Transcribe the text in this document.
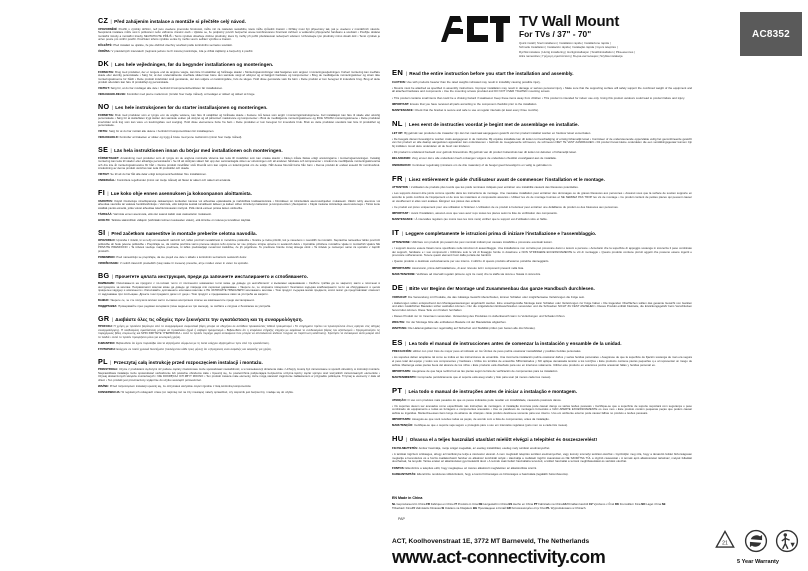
TV Wall Mount
For TVs / 37" - 70"
Quick install | Snel installeren | Installation rapide | Installazione rapida |
Schnelle Installation | Instalación rápida | Instalação rápida | Gyors telepítés |
Rychlá instalace | Hurtig installering | Hurtiginstallasjon | Snabbinstallation | Pika-asennus |
Hitra namestitev | Γρήγορη εγκατάσταση | Бърза инсталация | Szybka instalacja
AC8352
CZ | Před zahájením instalace a montáže si přečtěte celý návod.
UPOZORNĚNÍ: Použití s výrobky těžšími, než jsou uvedené jmenovité hmotnosti, může mít za následek nestabilitu, která může způsobit zranění • Držáky musí být připevněny tak, jak je uvedeno v montážních návodu. Nesprávná instalace může vést k poškození nebo vážnému zranění osob • Ujistěte se, že podpěrný povrch bezpečně unese kombinovanou hmotnost zařízení a veškerého připojeného hardwaru a součástí • Použijte dodané montážní šrouby a montážní šrouby NEUTAHUJTE PŘÍLIŠ • Tento výrobek obsahuje drobné předměty, které by mohly při požití představovat nebezpečí udušení. Uchovávejte tyto předměty mimo dosah dětí • Tento výrobek je určen pouze pro vnitřní použití. Používání tohoto výrobku venku by mohlo vést k selhání výrobku a zranění.
DŮLEŽITÉ: Před instalací se ujistěte, že jste obdrželi všechny součásti podle kontrolního seznamu součástí.
ÚDRŽBA: V pravidelných intervalech (nejméně jednou za tři měsíce) kontrolujte, zda je držák zajištěný a bezpečný k použití.
DK | Læs hele vejledningen, før du begynder installationen og monteringen.
FORSIGTIG: Brug med produkter, der er tungere end de angivne vægte, kan føre til ustabilitet og forårsage skader • Monteringsanordninger skal fastgøres som angivet i monteringsvejledningen. Forkert montering kan medføre skade eller alvorlig personskade • Sørg for, at den understøttende overflade sikkert kan bære den samlede vægt af udstyret og al fastgjort hardware og komponenter • Brug de medfølgende monteringsskruer og stram ikke monteringsskruerne for hårdt • Dette produkt indeholder små genstande, der kan udgøre en kvælningsfare, hvis de sluges. Hold disse genstande væk fra børn • Dette produkt er kun beregnet til indendørs brug. Brug af dette produkt udendørs kan føre til produktfejl og personskade.
VIGTIGT: Sørg for, at du har modtaget alle dele i henhold til komponentchecklisten før installationen.
VEDLIGEHOLDELSE: Kontrollér med jævne mellemrum (mindst hver tredje måned), at beslaget er sikkert og sikkert at bruge.
NO | Les hele instruksjonen før du starter installasjonen og monteringen.
FORSIKTIG: Bruk med produkter som er tyngre enn de angitte vektene, kan føre til ustabilitet og forårsake skade • Festene må festes som angitt i monteringsinstruksjonene. Feil installasjon kan føre til skade eller alvorlig personskade • Sørg for at støtteflaten trygt støtter den samlede vekten på utstyret og all påmontert maskinvare og komponenter • Bruk de medfølgende monteringsskruene og IKKE STRAM monteringsskruene • Dette produktet inneholder små ting som kan være en kvelningsfare ved svelging. Hold disse elementene borte fra barn • Dette produktet er kun beregnet for innendørs bruk. Bruk av dette produktet utendørs kan føre til produktfeil og personskade.
VIKTIG: Sørg for at du har mottatt alle delene i henhold til komponentlisten før installasjonen.
VEDLIKEHOLD: Kontroller at braketten er sikker og trygg å bruke med jevne mellomrom (minst hver tredje måned).
SE | Läs hela instruktionen innan du börjar med installationen och monteringen.
FÖRSIKTIGHET: Användning med produkter som är tyngre än de angivna nominella vikterna kan leda till instabilitet som kan orsaka skador • Fästen måste fästas enligt anvisningarna i monteringsanvisningen. Felaktig montering kan leda till skador eller allvarliga personskador • Se till att stödytan säkert bär upp den sammanlagda vikten av utrustningen och all ansluten hårdvara och komponenter • Använd de medföljande monteringsskruvarna och dra inte åt monteringsskruvarna för hårt • Denna produkt innehåller små föremål som kan utgöra en kvävningsrisk om de sväljs. Håll dessa föremål borta från barn • Denna produkt är endast avsedd för inomhusbruk. Användning av denna produkt utomhus kan leda till produktfel och skada.
VIKTIGT: Se till att du har fått alla delar enligt komponentchecklistan före installationen.
UNDERHÅLL: Kontrollera regelbundet (minst var tredje månad) att fästet är säkert och säkert att använda.
FI | Lue koko ohje ennen asennuksen ja kokoonpanon aloittamista.
VAROITUS: Käyttö ilmoitettuja nimellispainoja raskaampien tuotteiden kanssa voi aiheuttaa epävakautta ja mahdollisia loukkaantumisia • Kiinnikkeet on kiinnitettävä asennusohjeiden mukaisesti. Väärin tehty asennus voi aiheuttaa vaurioita tai vakavia henkilövahinkoja • Varmista, että tukipinta kestää turvallisesti laitteen ja kaiken siihen kiinnitetyn laitteiston ja komponenttien yhteispainon • Käytä mukana toimitettuja asennusruuveja • Tämä tuote sisältää pieniä esineitä, jotka voivat aiheuttaa tukehtumisvaaran nieltynä. Pidä nämä esineet poissa lasten ulottuvilta.
TÄRKEÄÄ: Varmista ennen asennusta, että olet saanut kaikki osat osaluettelon mukaisesti.
HUOLTO: Tarkista säännöllisin väliajoin (vähintään kolmen kuukauden välein), että kiinnike on tukeva ja turvallinen käyttää.
SI | Pred začetkom namestitve in montaže preberite celotna navodila.
OPOZORILO: Uporaba z izdelki, ki so težji od navedenih nazivnih tež, lahko povzroči nestabilnost in morebitne poškodbe • Nosilce je treba pritrditi, kot je navedeno v navodilih za montažo. Nepravilna namestitev lahko povzroči poškodbe ali hude telesne poškodbe • Prepričajte se, da nosilna površina varno prenese skupno težo opreme ter vse pritrjene strojne opreme in sestavnih delov • Uporabite priložene montažne vijake in montažnih vijakov NE PRIVIJTE PREMOČNO • Ta izdelek vsebuje majhne predmete, ki lahko predstavljajo nevarnost zadušitve, če jih pogoltnete. Te predmete hranite zunaj dosega otrok • Ta izdelek je namenjen samo za uporabo v zaprtih prostorih.
POMEMBNO: Pred namestitvijo se prepričajte, da ste prejeli vse dele v skladu s kontrolnim seznamom sestavnih delov.
VZDRŽEVANJE: V rednih časovnih presledkih (vsaj vsake tri mesece) preverite, ali je nosilec varen in varen za uporabo.
BG | Прочетете цялата инструкция, преди да започнете инсталирането и сглобяването.
ВНИМАНИЕ: Използването на продукти с по-голямо тегло от посоченото номинално тегло може да доведе до нестабилност и възможни наранявания • Скобите трябва да се закрепят, както е посочено в инструкциите за монтаж. Неправилният монтаж може да доведе до повреда или сериозно нараняване • Уверете се, че опорната повърхност безопасно издържа комбинираното тегло на оборудването и целия прикрепен хардуер и компоненти • Използвайте доставените монтажни винтове и НЕ ЗАТЯГАЙТЕ ПРЕКАЛЕНО монтажните винтове • Този продукт съдържа малки предмети, които могат да представляват опасност от задушаване при поглъщане. Дръжте тези предмети далеч от деца • Този продукт е предназначен само за употреба на закрито.
ВАЖНО: Уверете се, че сте получили всички части съгласно контролния списък на компонентите преди инсталирането.
ПОДДРЪЖКА: Проверявайте през редовни интервали (поне веднъж на три месеца), че скобата е сигурна и безопасна за употреба.
GR | Διαβάστε όλες τις οδηγίες πριν ξεκινήσετε την εγκατάσταση και τη συναρμολόγηση.
ΠΡΟΣΟΧΗ: Η χρήση με προϊόντα βαρύτερα από τα αναγραφόμενα ονομαστικά βάρη μπορεί να οδηγήσει σε αστάθεια προκαλώντας πιθανό τραυματισμό • Τα στηρίγματα πρέπει να προσαρτώνται όπως ορίζεται στις οδηγίες συναρμολόγησης. Η λανθασμένη εγκατάσταση μπορεί να προκαλέσει ζημιά ή σοβαρό τραυματισμό • Βεβαιωθείτε ότι η επιφάνεια στήριξης στηρίζει με ασφάλεια το συνδυασμένο βάρος του εξοπλισμού • Χρησιμοποιήστε τις παρεχόμενες βίδες στερέωσης και ΜΗΝ ΣΦΙΓΓΕΤΕ ΥΠΕΡΒΟΛΙΚΑ • Αυτό το προϊόν περιέχει μικρά αντικείμενα που μπορεί να αποτελέσουν κίνδυνο πνιγμού σε περίπτωση κατάποσης. Κρατήστε τα αντικείμενα αυτά μακριά από τα παιδιά • Αυτό το προϊόν προορίζεται μόνο για εσωτερική χρήση.
ΣΗΜΑΝΤΙΚΟ: Βεβαιωθείτε ότι έχετε παραλάβει όλα τα εξαρτήματα σύμφωνα με τη λίστα ελέγχου εξαρτημάτων πριν από την εγκατάσταση.
ΣΥΝΤΗΡΗΣΗ: Ελέγχετε σε τακτά χρονικά διαστήματα (τουλάχιστον κάθε τρεις μήνες) ότι ο βραχίονας είναι ασφαλής και ασφαλής για χρήση.
PL | Przeczytaj całą instrukcję przed rozpoczęciem instalacji i montażu.
PRZESTROGA: Użycie z produktami cięższymi niż podane ciężary znamionowe może spowodować niestabilność, a w konsekwencji obrażenia ciała • Uchwyty muszą być zamocowane w sposób określony w instrukcji montażu. Nieprawidłowa instalacja może spowodować uszkodzenie lub poważne obrażenia ciała • Upewnij się, że powierzchnia podpierająca bezpiecznie utrzyma łączny ciężar sprzętu oraz wszystkich zamocowanych elementów • Używaj dostarczonych wkrętów montażowych i NIE DOKRĘCAJ ICH ZBYT MOCNO • Ten produkt zawiera małe elementy, które mogą stanowić zagrożenie zadławieniem w przypadku połknięcia. Trzymaj te elementy z dala od dzieci • Ten produkt jest przeznaczony wyłącznie do użytku wewnątrz pomieszczeń.
WAŻNE: Przed rozpoczęciem instalacji upewnij się, że otrzymałeś wszystkie części zgodnie z listą kontrolną komponentów.
KONSERWACJA: W regularnych odstępach czasu (co najmniej raz na trzy miesiące) należy sprawdzać, czy wspornik jest bezpieczny i nadaje się do użytku.
EN | Read the entire instruction before you start the installation and assembly.
CAUTION: Use with products heavier than the rated weights indicated may result in instability causing possible injury.
• Mounts must be attached as specified in assembly instructions. Improper installation may result in damage or serious personal injury • Make sure that the supporting surface will safely support the combined weight of the equipment and all attached hardware and components • Use the mounting screws provided and DO NOT OVER TIGHTEN mounting screws
• This product contains small items that could be a choking hazard if swallowed. Keep these items away from children • This product is intended for indoor use only. Using this product outdoors could lead to product failure and injury.
IMPORTANT: Ensure that you have received all parts according to the component checklist prior to the installation.
MAINTENANCE: Check that the bracket is secure and safe to use at regular intervals (at least every three months).
NL | Lees eerst de instructies voordat je begint met de assemblage en installatie.
LET OP: Bij gebruik van producten die zwaarder zijn dan het maximaal aangegeven gewicht van het product instabiel worden en hierdoor letsel veroorzaken.
• De beugels dienen bevestigd te worden zoals aangegeven in de instructie. Bij onjuiste installatie kan dit leiden tot beschadiging of ernstig lichamelijk letsel • Controleer of de ondersteunende oppervlakte veilig het gecombineerde gewicht van het product en alle daarop aangesloten apparatuur kan ondersteunen • Gebruik de meegeleverde schroeven, de schroeven NIET TE VAST AANDRAAIEN • Dit product bevat kleine onderdelen die een verstikkingsgevaar kunnen zijn bij inslikken. Houd deze onderdelen uit de buurt van kinderen
• Dit product is uitsluitend bedoeld voor gebruik binnenshuis. Bij gebruik van dit product buitenshuis kan dit leiden tot defecten of lichamelijk letsel.
BELANGRIJK: Zorg ervoor dat u alle onderdelen heeft ontvangen volgens de onderdelen checklist voorafgaand aan de installatie.
ONDERHOUD: Controleer regelmatig (minstens om de drie maanden) of de beugel goed bevestigd is en veilig te gebruiken is.
FR | Lisez entièrement le guide d'utilisateur avant de commencer l'installation et le montage.
ATTENTION : L'utilisation de produits plus lourds que les poids nominaux indiqués peut entraîner une instabilité causant des blessures potentielles.
• Les supports doivent être joints comme spécifié dans les instructions de montage. Une mauvaise installation peut entraîner des dommages ou de graves blessures aux personnes • Assurez-vous que la surface de soutien supporte en sécurité le poids combiné de l'équipement et de tous les matériaux et composants associés • Utilisez les vis de montage fournies et NE SERREZ PAS TROP les vis de montage • Ce produit contient de petites pièces qui peuvent causer un étouffement si elles sont avalées. Éloignez ces pièces des enfants
• Ce produit est prévu uniquement pour une utilisation à l'intérieur. L'utilisation de ce produit à l'extérieur peut entraîner une défaillance du produit ou des blessures aux personnes.
IMPORTANT : Avant l'installation, assurez-vous que vous avez reçu toutes les pièces selon la liste de vérification des composants.
MAINTENANCE : À intervalles réguliers (au moins tous les trois mois) vérifiez que le support est d'utilisation sûre et fiable.
IT | Leggere completamente le istruzioni prima di iniziare l'installazione e l'assemblaggio.
ATTENZIONE: Utilizzare con prodotti più pesanti dei pesi nominali indicati può causare instabilità e provocare eventuali lesioni.
• I supporti devono essere fissati come specificato nelle istruzioni di assemblaggio. Una installazione non corretta può provocare danni o lesioni a persone • Accertarsi che la superficie di appoggio sostenga in sicurezza il peso combinato dei supporti, hardware e i suo componenti • Utilizzare solo le viti di fissaggio fornite in dotazione e NON STRINGERE ECCESSIVAMENTE le viti di montaggio • Questo prodotto contiene piccoli oggetti che possono essere ingeriti e provocare soffocamento. Tenere questi elementi fuori dalla portata dei bambini
• Questo prodotto è destinato esclusivamente per uso interno. L'utilizzo di questo prodotto all'esterno potrebbe danneggiarlo.
IMPORTANTE: Assicurarsi, prima dell'installazione, di aver ricevuto tutti i componenti presenti nella lista.
MANUTENZIONE: Verificare ad intervalli regolari (almeno ogni tre mesi) che la staffa sia sicura e fissata in sicurezza.
DE | Bitte vor Beginn der Montage und Zusammenbau das ganze Handbuch durchlesen.
VORSICHT: Die Verwendung mit Produkte, die das zulässige Gewicht überschreiten, können Schäden oder möglicherweise Verletzungen die Folge sein.
• Halterungen sollen entsprechend den Montageanweisungen angebracht werden. Eine unsachgemäße Montage kann Schäden oder Verletzungen zur Folge haben • Die tragenden Oberflächen sollten das gesamte Gewicht von Geräten und allen zusätzlichen Bauteilen sicher aushalten können • Nur die mitgelieferten Einbauschrauben verwenden und die Schrauben NICHT ZU FEST ANZIEHEN • Dieses Produkt enthält Kleinteile, die Erstickungsgefahr beim Verschlucken hervorrufen können. Diese Teile von Kindern fernhalten
• Dieses Produkt nur im Innenraum verwenden. Verwendung des Produktes im Außenbereich kann zu Verletzungen und Schaden führen.
WICHTIG: Vor der Montage bitte alle enthaltenen Bauteile mit der Bauteileliste abgleichen.
WARTUNG: Die Halterungsklammer regelmäßig auf Sicherheit und Stabilität prüfen (am besten alle drei Monate).
ES | Lea todo el manual de instrucciones antes de comenzar la instalación y ensamble de la unidad.
PRECAUCIÓN: utilizar con prod Ctos de mayor peso al indicado en los Ümites de peso podría ocasionar inestabilidad y posibles heridas personales.
• los soportes deben acoplarse tal como se indica en las instrucciones de ensamble. Una incorrecta instalación podría ocasionar daños y serias heridas personales • Asegúrese de que la superficie de fijación sostenga de man era segura el peso total del equipo y todos sus componentes y hardware • Utilice los tornillos de ensamble Sfflministrados y NO aplique demasiada tensión a los tomQlos • Este producto contiene piezas pequeñas q e al representar un riesgo de asfixia. Mantenga estas piezas fuera del alcance de los niños • Este producto está diseñado para uso en interiores solamente. Utilizar este producto en exteriores podría ocasionar fallas y heridas personal es.
IMPORTANTE: Asegúrese de que haya recibid tod as las piezas según la lista de verificación de componentes para La instalación.
MANTENIMIENTO: Compruebe periódicamente que el soporte está aseg urado y listo para usar (al menos cada tres meses).
PT | Leia todo o manual de instruções antes de iniciar a instalação e montagem.
ATENÇÃO: O uso com produtos mais pesados do que os pesos indicados pode resultar em instabilidade, causando possíveis danos.
• Os suportes devem ser anexados como especificado nas instruções de montagem. A instalação incorreta pode causar danos ou sérias lesões pessoais • Certifique-se que a superfície de suporte suportará com segurança o peso combinado do equipamento e todas as ferragens e componentes anexados • Use os parafusos de montagem fornecidos e NÃO APERTE EXCESSIVAMENTE os mes mos • Este produto contém pequenas peças que podem causar asfixia se ingeridas. Mantenha-esses itens longe do alcance de crianças • Este produto destina-se somente para uso interno. Uso em ambiente externo pode causar falhas no produto e lesões pessoais.
IMPORTANTE: Assegure-se que você recebeu todas as peças, de acordo com a lista de componentes, antes da instalação.
MANUTENÇÃO: Certifique-se que o suporte seja seguro e protegido para o uso em intervalos regulares (pelo men os a cada três meses).
HU | Olvassa el a teljes használati utasítást mielőtt elvégzi a telepítést és összeszerelést!
FIGYELMEZTETÉS: Amikor használja, mérje széjjel megadtak, az esetleg instabilitást, esetleg mely sérülést eredményezhet.
• A tartókat rögzíteni szükséges, ahogy azt kézikönyve leírja a összeszer elésnél. A nem megfelelő telepítés sérülést eredményezhet, vagy komoly személyi sérülést okozhat • Győződjön meg róla, hogy a támasztó felület biztonságosan megtartja a berendezés és a hozzá csatlakoztatott hardver és alkatrész kombinált súlyát • Használja a mellékelt rögzítő csavarokat és NE SZORÍTSA TÚL a rögzítő csavarokat • A termék apró alkatrészeket tartalmaz, melyek fulladást okozhatnak, ha lenyelik. Tartsa ezeket az alkatrészeket gyermekektől távol • A termék csak beltéri használatra tervezett, a kültéri használat a termék meghibásodását és sérülést okozhat.
FONTOS: Ellenőrizze a telepítés előtt, hogy megkapta-e az összes alkatrészt megfelelően az alkatrészlista szerint.
KARBANTARTÁS: Ellenőrizze rendszeres időközönként, hogy a konzol biztonságos és biztonságos a használata (legalább háromhavonta).
EN Made in China
NL Geproduceerd in China FR Fabriqué en Chine IT Prodotto in Cina DE Hergestellt in China ES Hecho en China PT Fabricado na China HU Kínában készült CZ Vyrobeno v Číně DK Fremstillet i Kina NO Laget i Kina SE Tillverkad i Kina FI Valmistettu Kiinassa SI Izdelano na Kitajskem BG Произведено в Китай GR Κατασκευασμένο στην Κίνα PL Wyprodukowano w Chinach.
ACT, Koolhovenstraat 1E, 3772 MT Barneveld, The Netherlands
www.act-connectivity.com
21
5 Year Warranty
PAP
